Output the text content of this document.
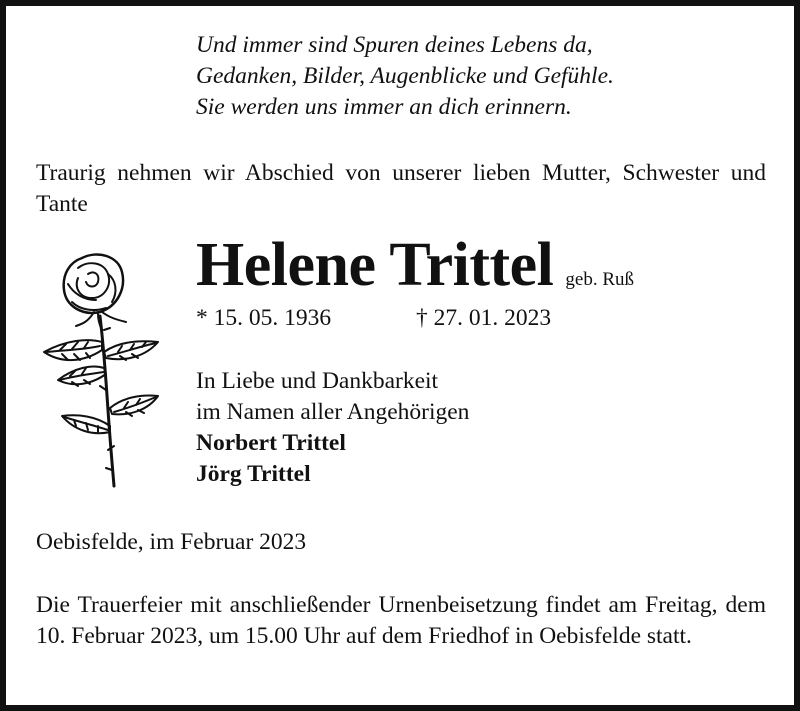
Und immer sind Spuren deines Lebens da,
Gedanken, Bilder, Augenblicke und Gefühle.
Sie werden uns immer an dich erinnern.
Traurig nehmen wir Abschied von unserer lieben Mutter, Schwester und Tante
Helene Trittel geb. Ruß
* 15. 05. 1936	† 27. 01. 2023
In Liebe und Dankbarkeit
im Namen aller Angehörigen
Norbert Trittel
Jörg Trittel
Oebisfelde, im Februar 2023
Die Trauerfeier mit anschließender Urnenbeisetzung findet am Freitag, dem 10. Februar 2023, um 15.00 Uhr auf dem Friedhof in Oebisfelde statt.
